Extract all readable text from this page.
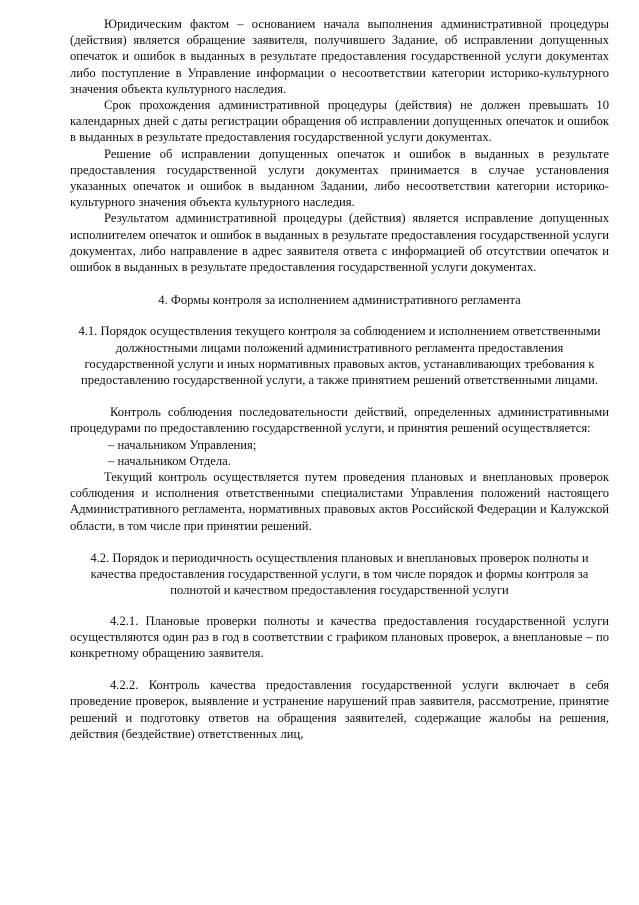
Юридическим фактом – основанием начала выполнения административной процедуры (действия) является обращение заявителя, получившего Задание, об исправлении допущенных опечаток и ошибок в выданных в результате предоставления государственной услуги документах либо поступление в Управление информации о несоответствии категории историко-культурного значения объекта культурного наследия.

Срок прохождения административной процедуры (действия) не должен превышать 10 календарных дней с даты регистрации обращения об исправлении допущенных опечаток и ошибок в выданных в результате предоставления государственной услуги документах.

Решение об исправлении допущенных опечаток и ошибок в выданных в результате предоставления государственной услуги документах принимается в случае установления указанных опечаток и ошибок в выданном Задании, либо несоответствии категории историко-культурного значения объекта культурного наследия.

Результатом административной процедуры (действия) является исправление допущенных исполнителем опечаток и ошибок в выданных в результате предоставления государственной услуги документах, либо направление в адрес заявителя ответа с информацией об отсутствии опечаток и ошибок в выданных в результате предоставления государственной услуги документах.

4. Формы контроля за исполнением административного регламента

4.1. Порядок осуществления текущего контроля за соблюдением и исполнением ответственными должностными лицами положений административного регламента предоставления государственной услуги и иных нормативных правовых актов, устанавливающих требования к предоставлению государственной услуги, а также принятием решений ответственными лицами.

Контроль соблюдения последовательности действий, определенных административными процедурами по предоставлению государственной услуги, и принятия решений осуществляется:

– начальником Управления;

– начальником Отдела.

Текущий контроль осуществляется путем проведения плановых и внеплановых проверок соблюдения и исполнения ответственными специалистами Управления положений настоящего Административного регламента, нормативных правовых актов Российской Федерации и Калужской области, в том числе при принятии решений.

4.2. Порядок и периодичность осуществления плановых и внеплановых проверок полноты и качества предоставления государственной услуги, в том числе порядок и формы контроля за полнотой и качеством предоставления государственной услуги

4.2.1. Плановые проверки полноты и качества предоставления государственной услуги осуществляются один раз в год в соответствии с графиком плановых проверок, а внеплановые – по конкретному обращению заявителя.

4.2.2. Контроль качества предоставления государственной услуги включает в себя проведение проверок, выявление и устранение нарушений прав заявителя, рассмотрение, принятие решений и подготовку ответов на обращения заявителей, содержащие жалобы на решения, действия (бездействие) ответственных лиц,
